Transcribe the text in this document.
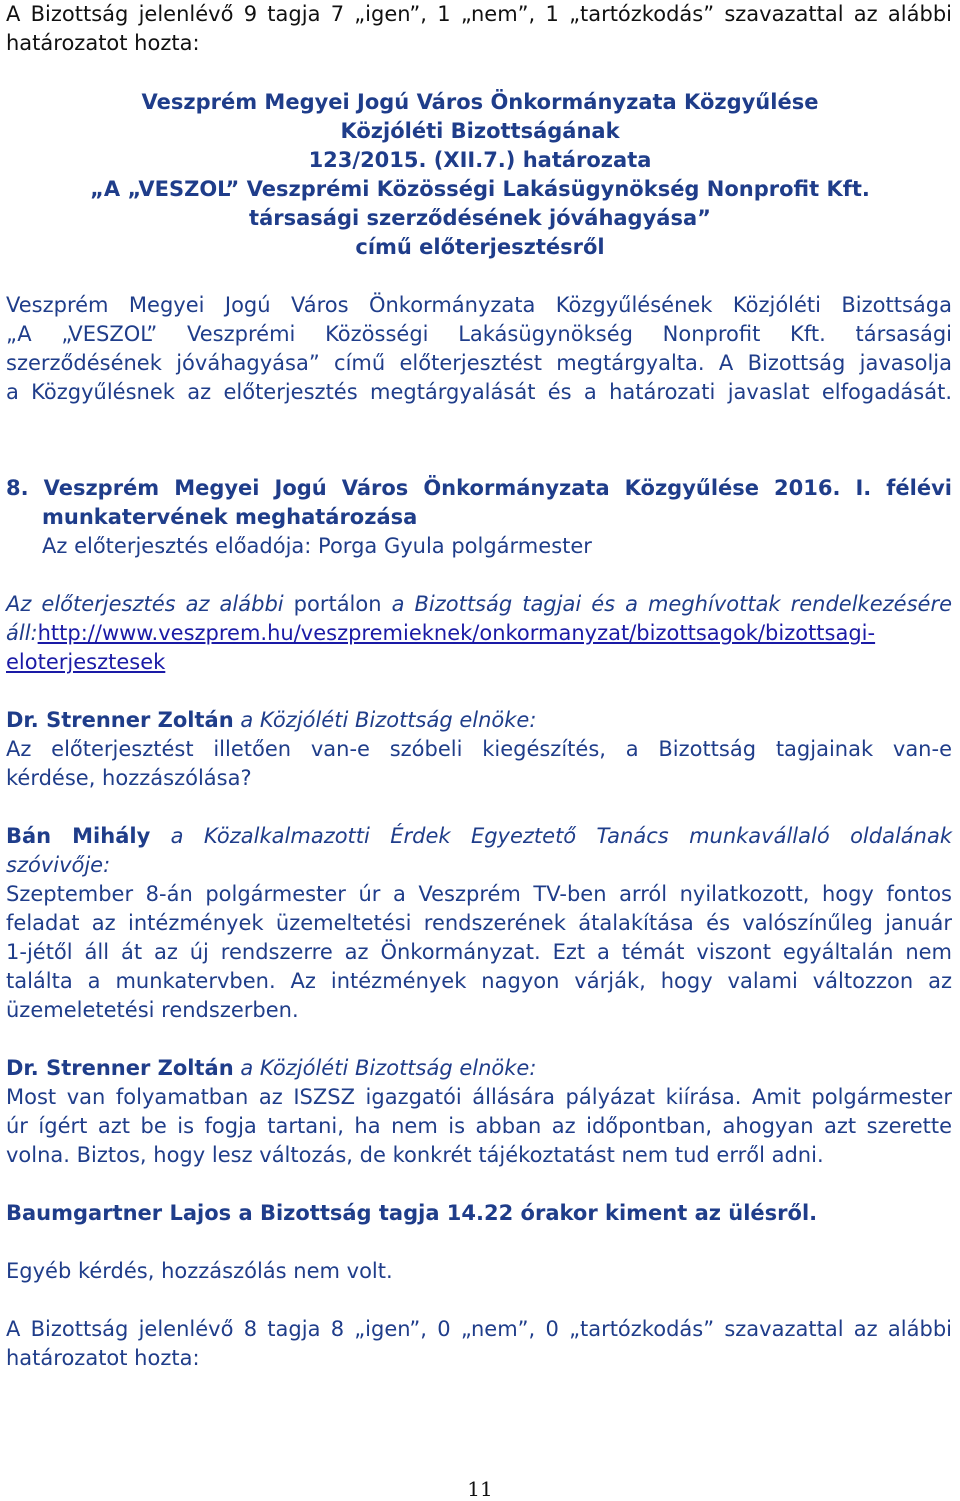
A Bizottság jelenlévő 9 tagja 7 „igen”, 1 „nem”, 1 „tartózkodás” szavazattal az alábbi

határozatot hozta:

Veszprém Megyei Jogú Város Önkormányzata Közgyűlése

Közjóléti Bizottságának

123/2015. (XII.7.) határozata

„A „VESZOL” Veszprémi Közösségi Lakásügynökség Nonprofit Kft.

társasági szerződésének jóváhagyása”

című előterjesztésről

Veszprém Megyei Jogú Város Önkormányzata Közgyűlésének Közjóléti Bizottsága

„A „VESZOL” Veszprémi Közösségi Lakásügynökség Nonprofit Kft. társasági

szerződésének jóváhagyása” című előterjesztést megtárgyalta. A Bizottság javasolja

a Közgyűlésnek az előterjesztés megtárgyalását és a határozati javaslat elfogadását.

8. Veszprém Megyei Jogú Város Önkormányzata Közgyűlése 2016. I. félévi

munkatervének meghatározása

Az előterjesztés előadója: Porga Gyula polgármester

Az előterjesztés az alábbi portálon a Bizottság tagjai és a meghívottak rendelkezésére

áll:http://www.veszprem.hu/veszpremieknek/onkormanyzat/bizottsagok/bizottsagi-

eloterjesztesek

Dr. Strenner Zoltán a Közjóléti Bizottság elnöke:

Az előterjesztést illetően van-e szóbeli kiegészítés, a Bizottság tagjainak van-e

kérdése, hozzászólása?

Bán Mihály a Közalkalmazotti Érdek Egyeztető Tanács munkavállaló oldalának

szóvivője:

Szeptember 8-án polgármester úr a Veszprém TV-ben arról nyilatkozott, hogy fontos

feladat az intézmények üzemeltetési rendszerének átalakítása és valószínűleg január

1-jétől áll át az új rendszerre az Önkormányzat. Ezt a témát viszont egyáltalán nem

találta a munkatervben. Az intézmények nagyon várják, hogy valami változzon az

üzemeletetési rendszerben.

Dr. Strenner Zoltán a Közjóléti Bizottság elnöke:

Most van folyamatban az ISZSZ igazgatói állására pályázat kiírása. Amit polgármester

úr ígért azt be is fogja tartani, ha nem is abban az időpontban, ahogyan azt szerette

volna. Biztos, hogy lesz változás, de konkrét tájékoztatást nem tud erről adni.

Baumgartner Lajos a Bizottság tagja 14.22 órakor kiment az ülésről.

Egyéb kérdés, hozzászólás nem volt.

A Bizottság jelenlévő 8 tagja 8 „igen”, 0 „nem”, 0 „tartózkodás” szavazattal az alábbi

határozatot hozta:

11
